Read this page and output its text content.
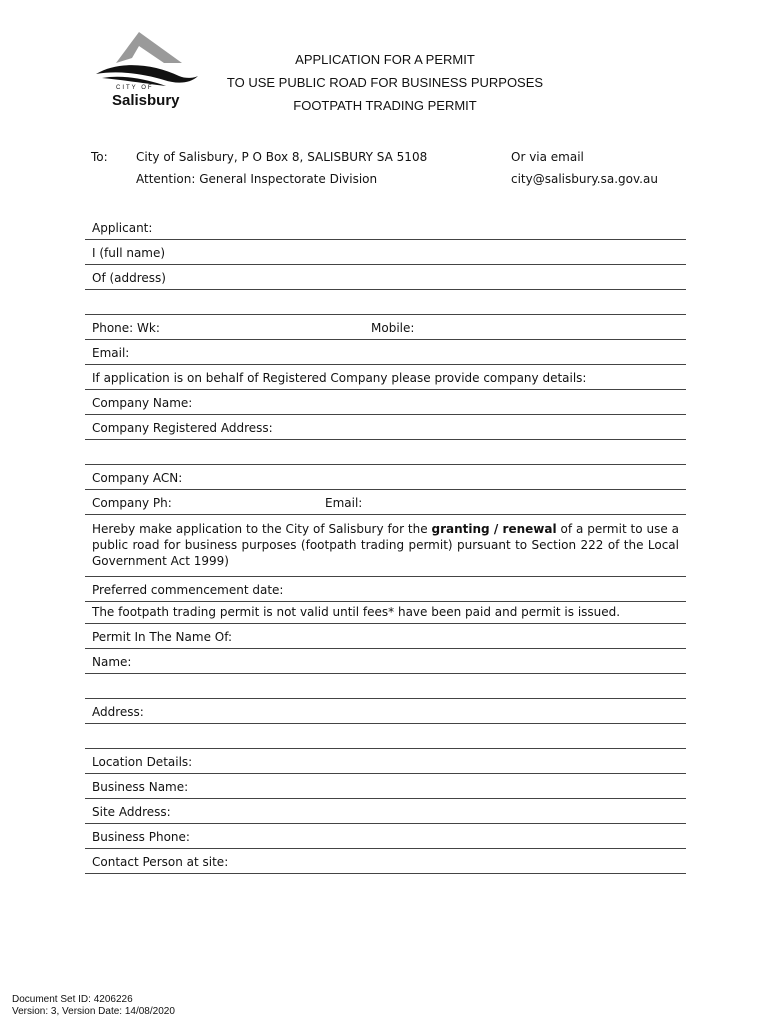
CITY OF
Salisbury
APPLICATION FOR A PERMIT
TO USE PUBLIC ROAD FOR BUSINESS PURPOSES
FOOTPATH TRADING PERMIT
To: City of Salisbury, P O Box 8, SALISBURY SA 5108
Attention: General Inspectorate Division
Or via email
city@salisbury.sa.gov.au
Applicant:
I (full name)
Of (address)
Phone: Wk:	Mobile:
Email:
If application is on behalf of Registered Company please provide company details:
Company Name:
Company Registered Address:
Company ACN:
Company Ph:	Email:
Hereby make application to the City of Salisbury for the granting / renewal of a permit to use a public road for business purposes (footpath trading permit) pursuant to Section 222 of the Local Government Act 1999)
Preferred commencement date:
The footpath trading permit is not valid until fees* have been paid and permit is issued.
Permit In The Name Of:
Name:
Address:
Location Details:
Business Name:
Site Address:
Business Phone:
Contact Person at site:
Document Set ID: 4206226
Version: 3, Version Date: 14/08/2020
